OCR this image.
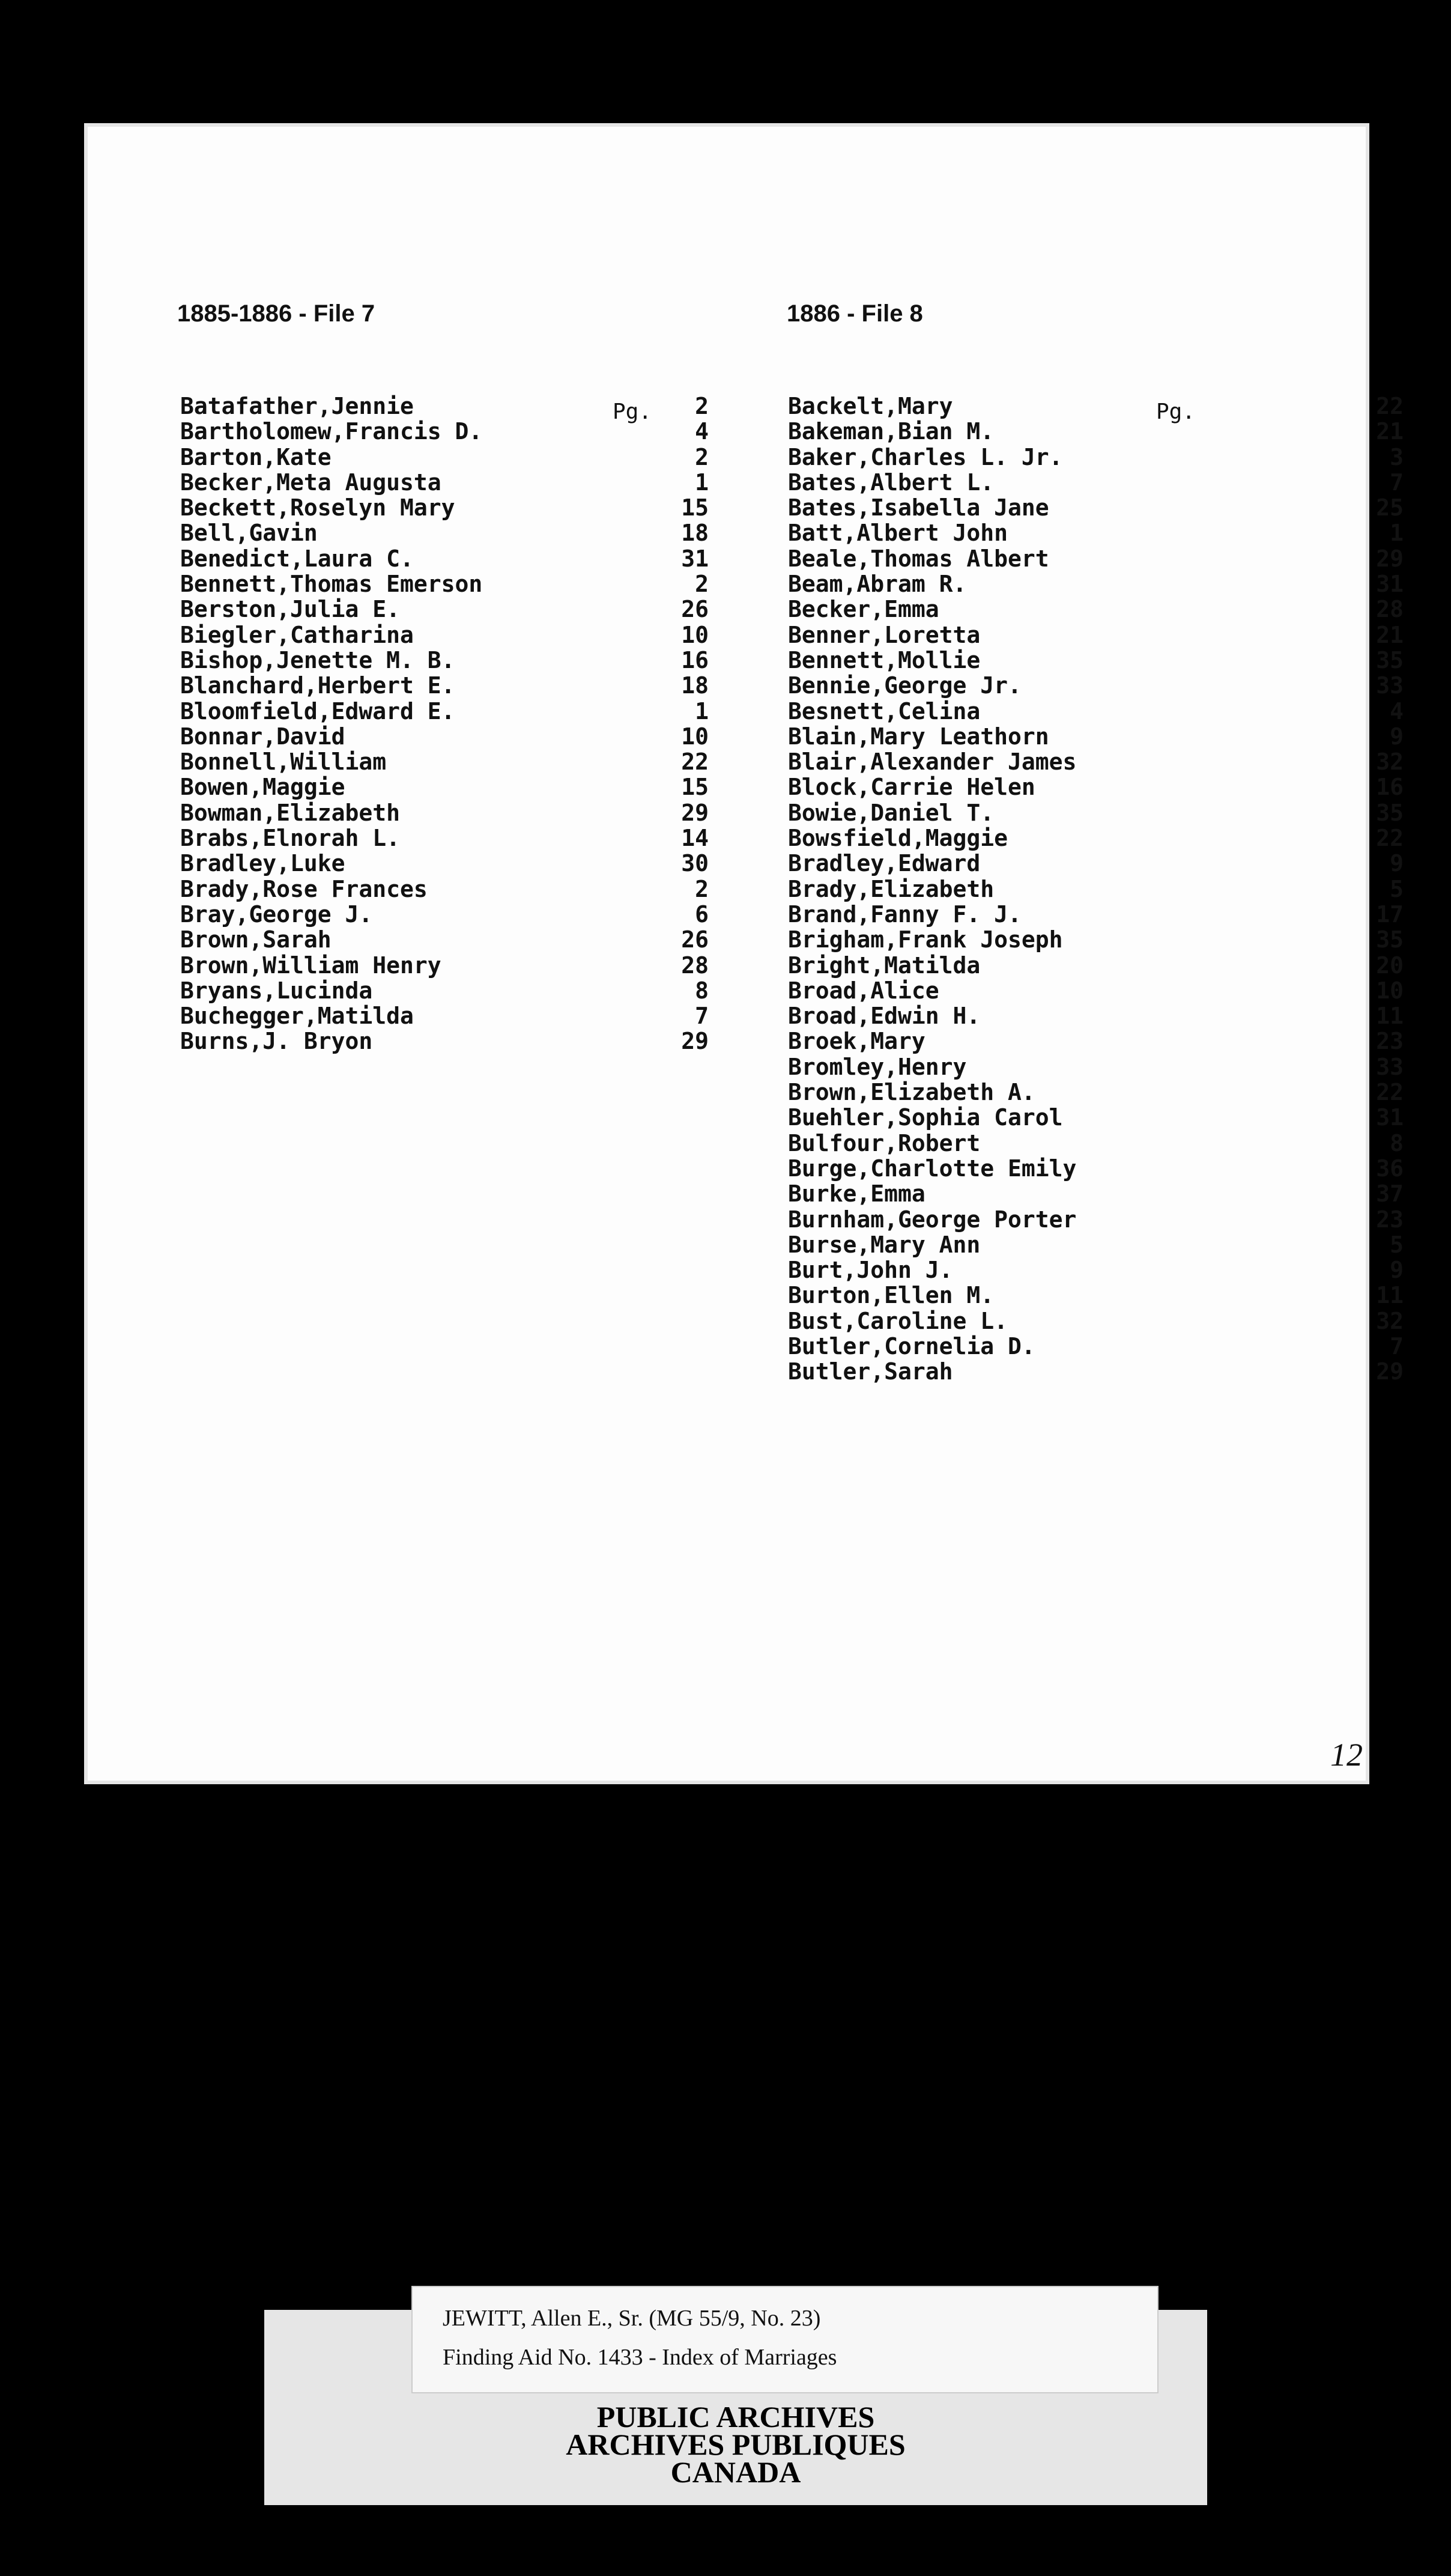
1885-1886 - File 7	1886 - File 8
Pg.	Pg.
Batafather,Jennie	2
Bartholomew,Francis D.	4
Barton,Kate	2
Becker,Meta Augusta	1
Beckett,Roselyn Mary	15
Bell,Gavin	18
Benedict,Laura C.	31
Bennett,Thomas Emerson	2
Berston,Julia E.	26
Biegler,Catharina	10
Bishop,Jenette M. B.	16
Blanchard,Herbert E.	18
Bloomfield,Edward E.	1
Bonnar,David	10
Bonnell,William	22
Bowen,Maggie	15
Bowman,Elizabeth	29
Brabs,Elnorah L.	14
Bradley,Luke	30
Brady,Rose Frances	2
Bray,George J.	6
Brown,Sarah	26
Brown,William Henry	28
Bryans,Lucinda	8
Buchegger,Matilda	7
Burns,J. Bryon	29
Backelt,Mary	22
Bakeman,Bian M.	21
Baker,Charles L. Jr.	3
Bates,Albert L.	7
Bates,Isabella Jane	25
Batt,Albert John	1
Beale,Thomas Albert	29
Beam,Abram R.	31
Becker,Emma	28
Benner,Loretta	21
Bennett,Mollie	35
Bennie,George Jr.	33
Besnett,Celina	4
Blain,Mary Leathorn	9
Blair,Alexander James	32
Block,Carrie Helen	16
Bowie,Daniel T.	35
Bowsfield,Maggie	22
Bradley,Edward	9
Brady,Elizabeth	5
Brand,Fanny F. J.	17
Brigham,Frank Joseph	35
Bright,Matilda	20
Broad,Alice	10
Broad,Edwin H.	11
Broek,Mary	23
Bromley,Henry	33
Brown,Elizabeth A.	22
Buehler,Sophia Carol	31
Bulfour,Robert	8
Burge,Charlotte Emily	36
Burke,Emma	37
Burnham,George Porter	23
Burse,Mary Ann	5
Burt,John J.	9
Burton,Ellen M.	11
Bust,Caroline L.	32
Butler,Cornelia D.	7
Butler,Sarah	29
12
JEWITT, Allen E., Sr. (MG 55/9, No. 23)
Finding Aid No. 1433 - Index of Marriages
PUBLIC ARCHIVES
ARCHIVES PUBLIQUES
CANADA
